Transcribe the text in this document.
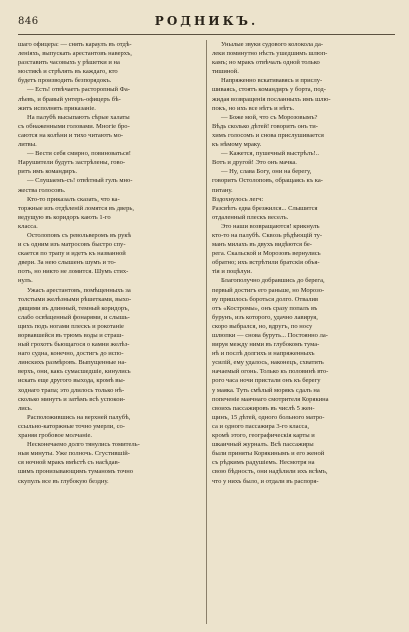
846	РОДНИКЪ.

шаго офицера: — снять караулъ въ отдѣ-
леніяхъ, выпускать арестантовъ наверхъ,
разставить часовыхъ у рѣшетки и на
мостикѣ и стрѣлять въ каждаго, кто
будетъ производить безпорядокъ.

— Есть! отвѣчаетъ расторопный Фа-
лѣевъ, и бравый унтеръ-офицеръ бѣ-
житъ исполнять приказаніе.

На палубѣ высыпаютъ сѣрые халаты
съ обнаженными головами. Многіе бро-
саются на колѣни и тихо читаютъ мо-
литвы.

— Вести себя смирно, повиноваться!
Нарушители будутъ застрѣлены, гово-
ритъ имъ командиръ.

— Слушаемъ-съ! отвѣтный гулъ мно-
жества голосовъ.

Кто-то приказалъ сказать, что ка-
торжные изъ отдѣленій ломятся въ дверь,
ведущую въ коридоръ кають 1-го
класса.

Остолоповъ съ револьверомъ въ рукѣ
и съ одним изъ матросовъ быстро спу-
скается по трапу и идетъ къ названной
двери. За нею слышенъ шумъ и то-
потъ, но никто не ломится. Шумъ стих-
нулъ.

Ужасъ арестантовъ, помѣщенныхъ за
толстыми желѣзными рѣшетками, выхо-
дящими въ длинный, темный коридоръ,
слабо освѣщенный фонарями, и слышь-
щихъ подъ ногами плескъ и рокотаніе
ворвавшейся въ трюмъ воды и страш-
ный грохотъ бьющагося о камни желѣз-
наго судна, конечно, достигъ до испо-
линскихъ размѣровъ. Выпущенные на-
верхъ, они, какъ сумасшедшіе, кинулись
искать еще другого выхода, кромѣ вы-
ходнаго трапа; это длилось только нѣ-
сколько минутъ и затѣмъ всѣ успокои-
лись.

Расположившись на верхней палубѣ,
ссыльно-каторжные точно умерли, со-
храняя гробовое молчаніе.

Несконечаемо долго тянулись томитель-
ныя минуты. Ужe полночь. Сгустившій-
ся ночной мракъ вмѣстѣ съ насѣдав-
шимъ пронизывающимъ туманомъ точно
скупулъ все въ глубокую бездну.

Унылые звуки судового колокола да-
леки поминутно нѣсть ушедшимъ шлюп-
камъ; но мракъ отвѣчалъ одной только
тишиной.

Напряженно вскативавясь и прислу-
шиваясь, стоятъ командиръ у борта, под-
жидая возвращенія посланныхъ имъ шлю-
покъ, но ихъ все нѣтъ и нѣтъ.

— Боже мой, что съ Морозовымъ?
Вѣдь сколько дѣтей! говоритъ онъ ти-
химъ голосомъ и снова прислушивается
къ нѣмому мраку.

— Кажется, пушечный выстрѣлъ!..
Вотъ и другой! Это онъ мачка.

— Ну, слава Богу, они на берегу,
говоритъ Остолоповъ, обращаясь къ ка-
питану.

Вздохнулось легч:
Разсвѣтъ едва брезжился... Слышится
отдаленный плескъ веселъ.

Это наши возвращаются! крикнулъ
кто-то на палубѣ. Сквозь рѣдѣющій ту-
манъ милахъ въ двухъ видѣются бе-
рега. Скальской и Морозовъ вернулись
обратно; ихъ встрѣтили братскія объя-
тія и поцѣлуи.

Благополучно добравшись до берега,
первый достигъ его раньше, но Морозо-
ву пришлось бороться долго. Отвалив
отъ «Костромы», онъ сразу попалъ въ
бурунъ, изъ которого, удачно лавируя,
скоро выбрался, но, вдругъ, по носу
шлюпки — снова буруть... Постоянно ла-
вируя между ними въ глубокомъ тума-
нѣ и послѣ долгихъ и напряженныхъ
усилій, ему удалось, наконецъ, схватить
начаемый огонь. Только къ половинѣ вто-
рого часа ночи пристали онъ къ берегу
у маяка. Туть смѣлый морякъ сдалъ на
попеченіе маячнаго смотрителя Корякина
своихъ пассажировъ въ числѣ 5 жен-
щинъ, 15 дѣтей, одного больного матро-
са и одного пассажира 3-го класса,
кромѣ этого, географическія карты и
шкаичный журналъ. Всѣ пассажиры
были приняты Корякинымъ и его женой
съ рѣдкимъ радушіемъ. Несмотря на
свою бѣдность, они надѣлили ихъ всѣмъ,
что у нихъ было, и отдали въ распоря-
